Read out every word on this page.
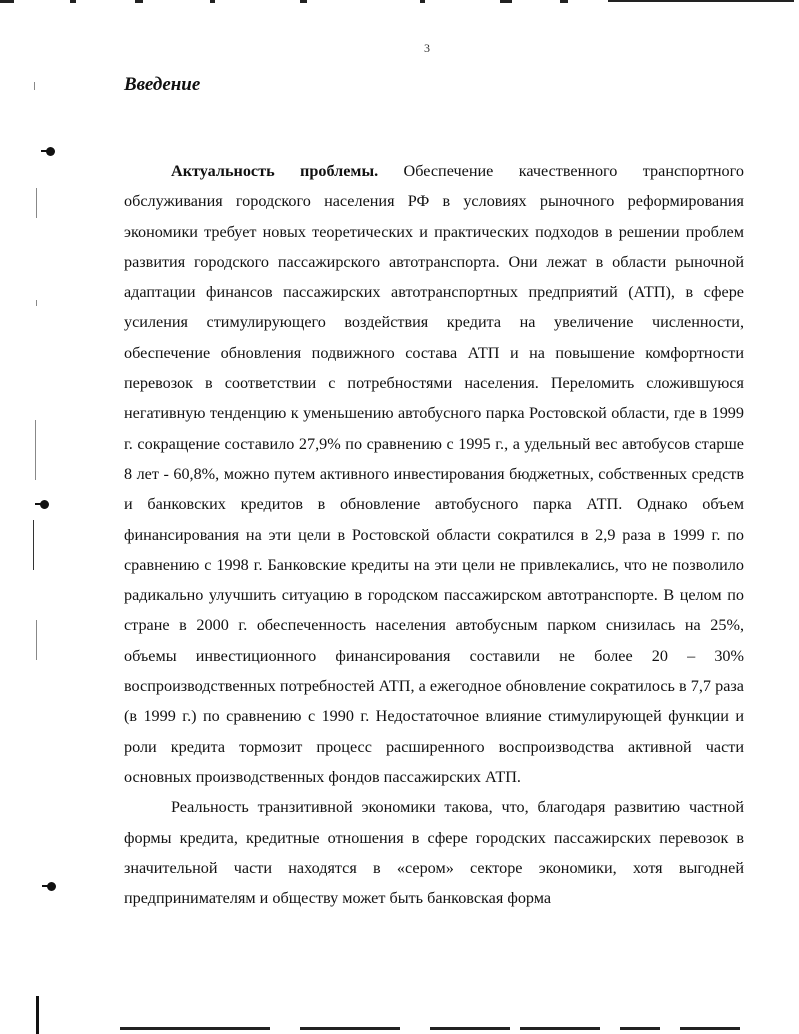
3
Введение

Актуальность проблемы. Обеспечение качественного транспортного обслуживания городского населения РФ в условиях рыночного реформирования экономики требует новых теоретических и практических подходов в решении проблем развития городского пассажирского автотранспорта. Они лежат в области рыночной адаптации финансов пассажирских автотранспортных предприятий (АТП), в сфере усиления стимулирующего воздействия кредита на увеличение численности, обеспечение обновления подвижного состава АТП и на повышение комфортности перевозок в соответствии с потребностями населения. Переломить сложившуюся негативную тенденцию к уменьшению автобусного парка Ростовской области, где в 1999 г. сокращение составило 27,9% по сравнению с 1995 г., а удельный вес автобусов старше 8 лет - 60,8%, можно путем активного инвестирования бюджетных, собственных средств и банковских кредитов в обновление автобусного парка АТП. Однако объем финансирования на эти цели в Ростовской области сократился в 2,9 раза в 1999 г. по сравнению с 1998 г. Банковские кредиты на эти цели не привлекались, что не позволило радикально улучшить ситуацию в городском пассажирском автотранспорте. В целом по стране в 2000 г. обеспеченность населения автобусным парком снизилась на 25%, объемы инвестиционного финансирования составили не более 20 – 30% воспроизводственных потребностей АТП, а ежегодное обновление сократилось в 7,7 раза (в 1999 г.) по сравнению с 1990 г. Недостаточное влияние стимулирующей функции и роли кредита тормозит процесс расширенного воспроизводства активной части основных производственных фондов пассажирских АТП.

Реальность транзитивной экономики такова, что, благодаря развитию частной формы кредита, кредитные отношения в сфере городских пассажирских перевозок в значительной части находятся в «сером» секторе экономики, хотя выгодней предпринимателям и обществу может быть банковская форма
